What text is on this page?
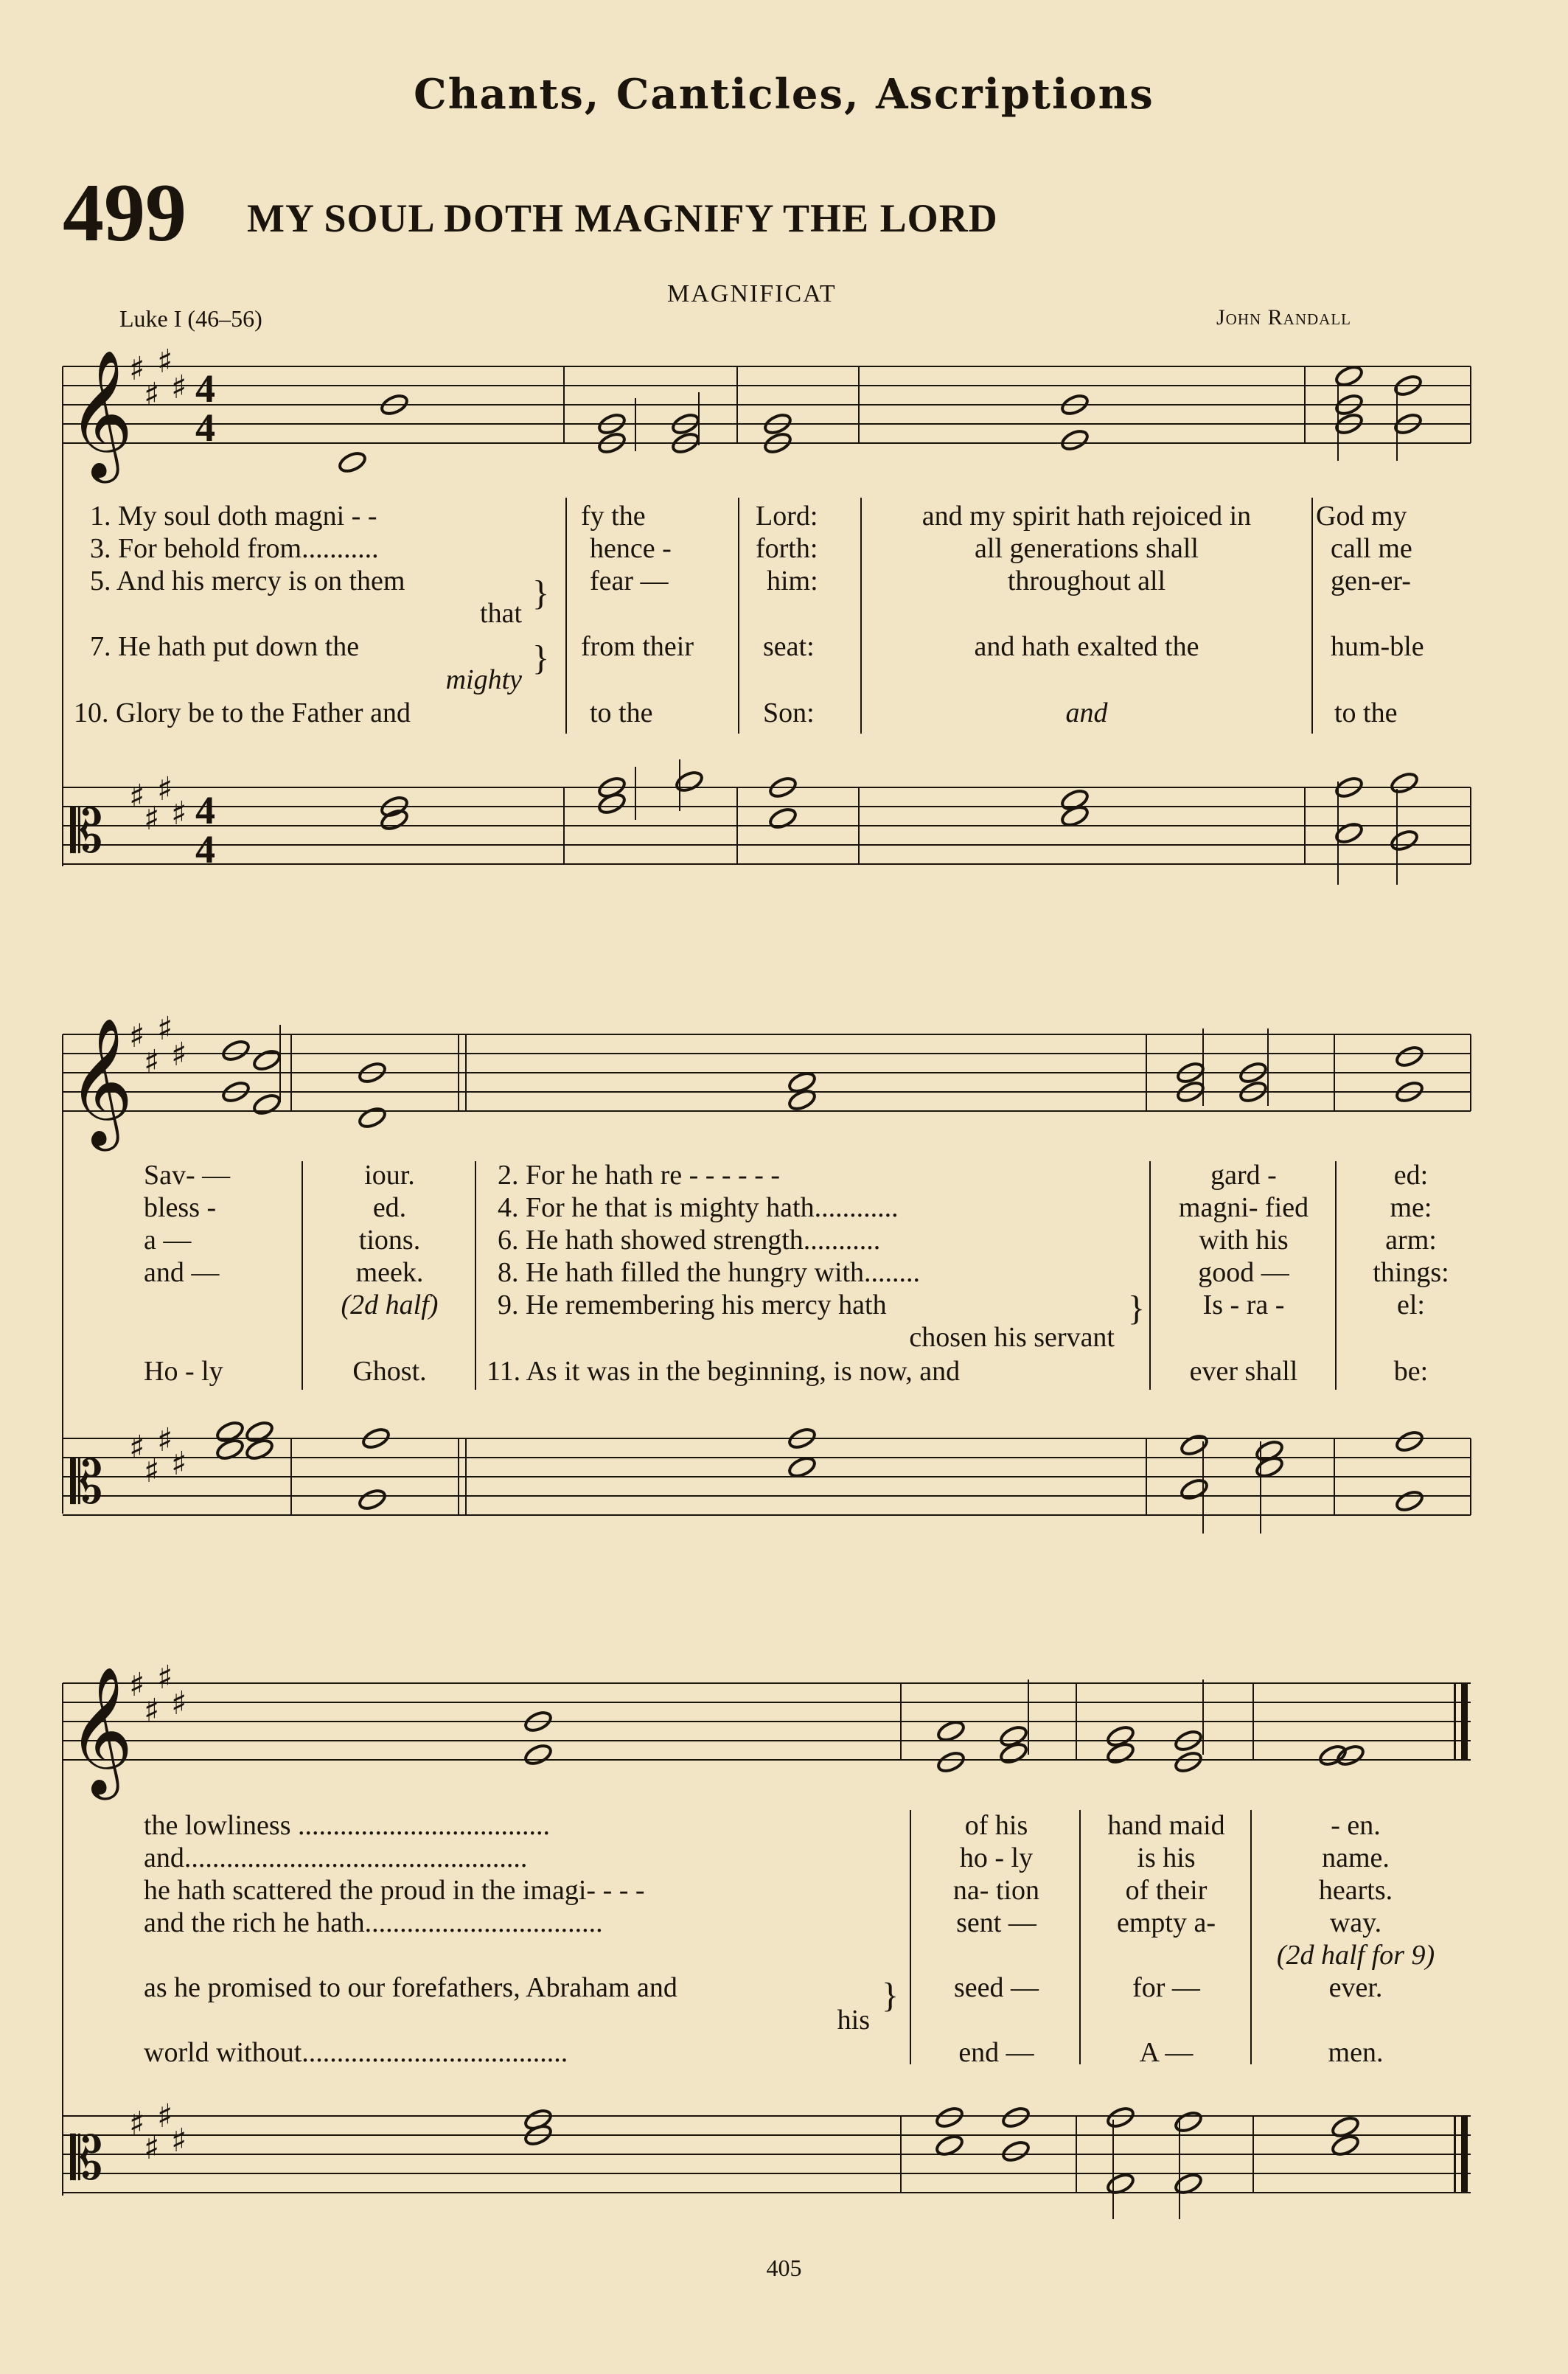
Chants, Canticles, Ascriptions
499 MY SOUL DOTH MAGNIFY THE LORD
MAGNIFICAT
Luke I (46–56)	John Randall
𝄞
𝄞
𝄞
𝄡
𝄡
𝄡
♯
♯
♯
♯
♯
♯
♯
♯
♯
♯
♯
♯
♯
♯
♯
♯
♯
♯
♯
♯
♯
♯
♯
♯
4
4
4
4
}
}
}
}
1. My soul doth magni - -
3. For behold from...........
5. And his mercy is on them
that
7. He hath put down the
mighty
10. Glory be to the Father and
fy the
hence -
fear —
from their
to the
Lord:
forth:
him:
seat:
Son:
and my spirit hath rejoiced in
all generations shall
throughout all
and hath exalted the
and
God my
call me
gen-er-
hum-ble
to the
Sav- —
bless -
a —
and —
Ho - ly
iour.
ed.
tions.
meek.
(2d half)
Ghost.
2. For he hath re - - - - - -
4. For he that is mighty hath............
6. He hath showed strength...........
8. He hath filled the hungry with........
9. He remembering his mercy hath
chosen his servant
11. As it was in the beginning, is now, and
gard -
magni- fied
with his
good —
Is - ra -
ever shall
ed:
me:
arm:
things:
el:
be:
the lowliness ....................................
and.................................................
he hath scattered the proud in the imagi- - - -
and the rich he hath..................................
as he promised to our forefathers, Abraham and
his
world without......................................
of his
ho - ly
na- tion
sent —
seed —
end —
hand maid
is his
of their
empty a-
for —
A —
- en.
name.
hearts.
way.
(2d half for 9)
ever.
men.
405
